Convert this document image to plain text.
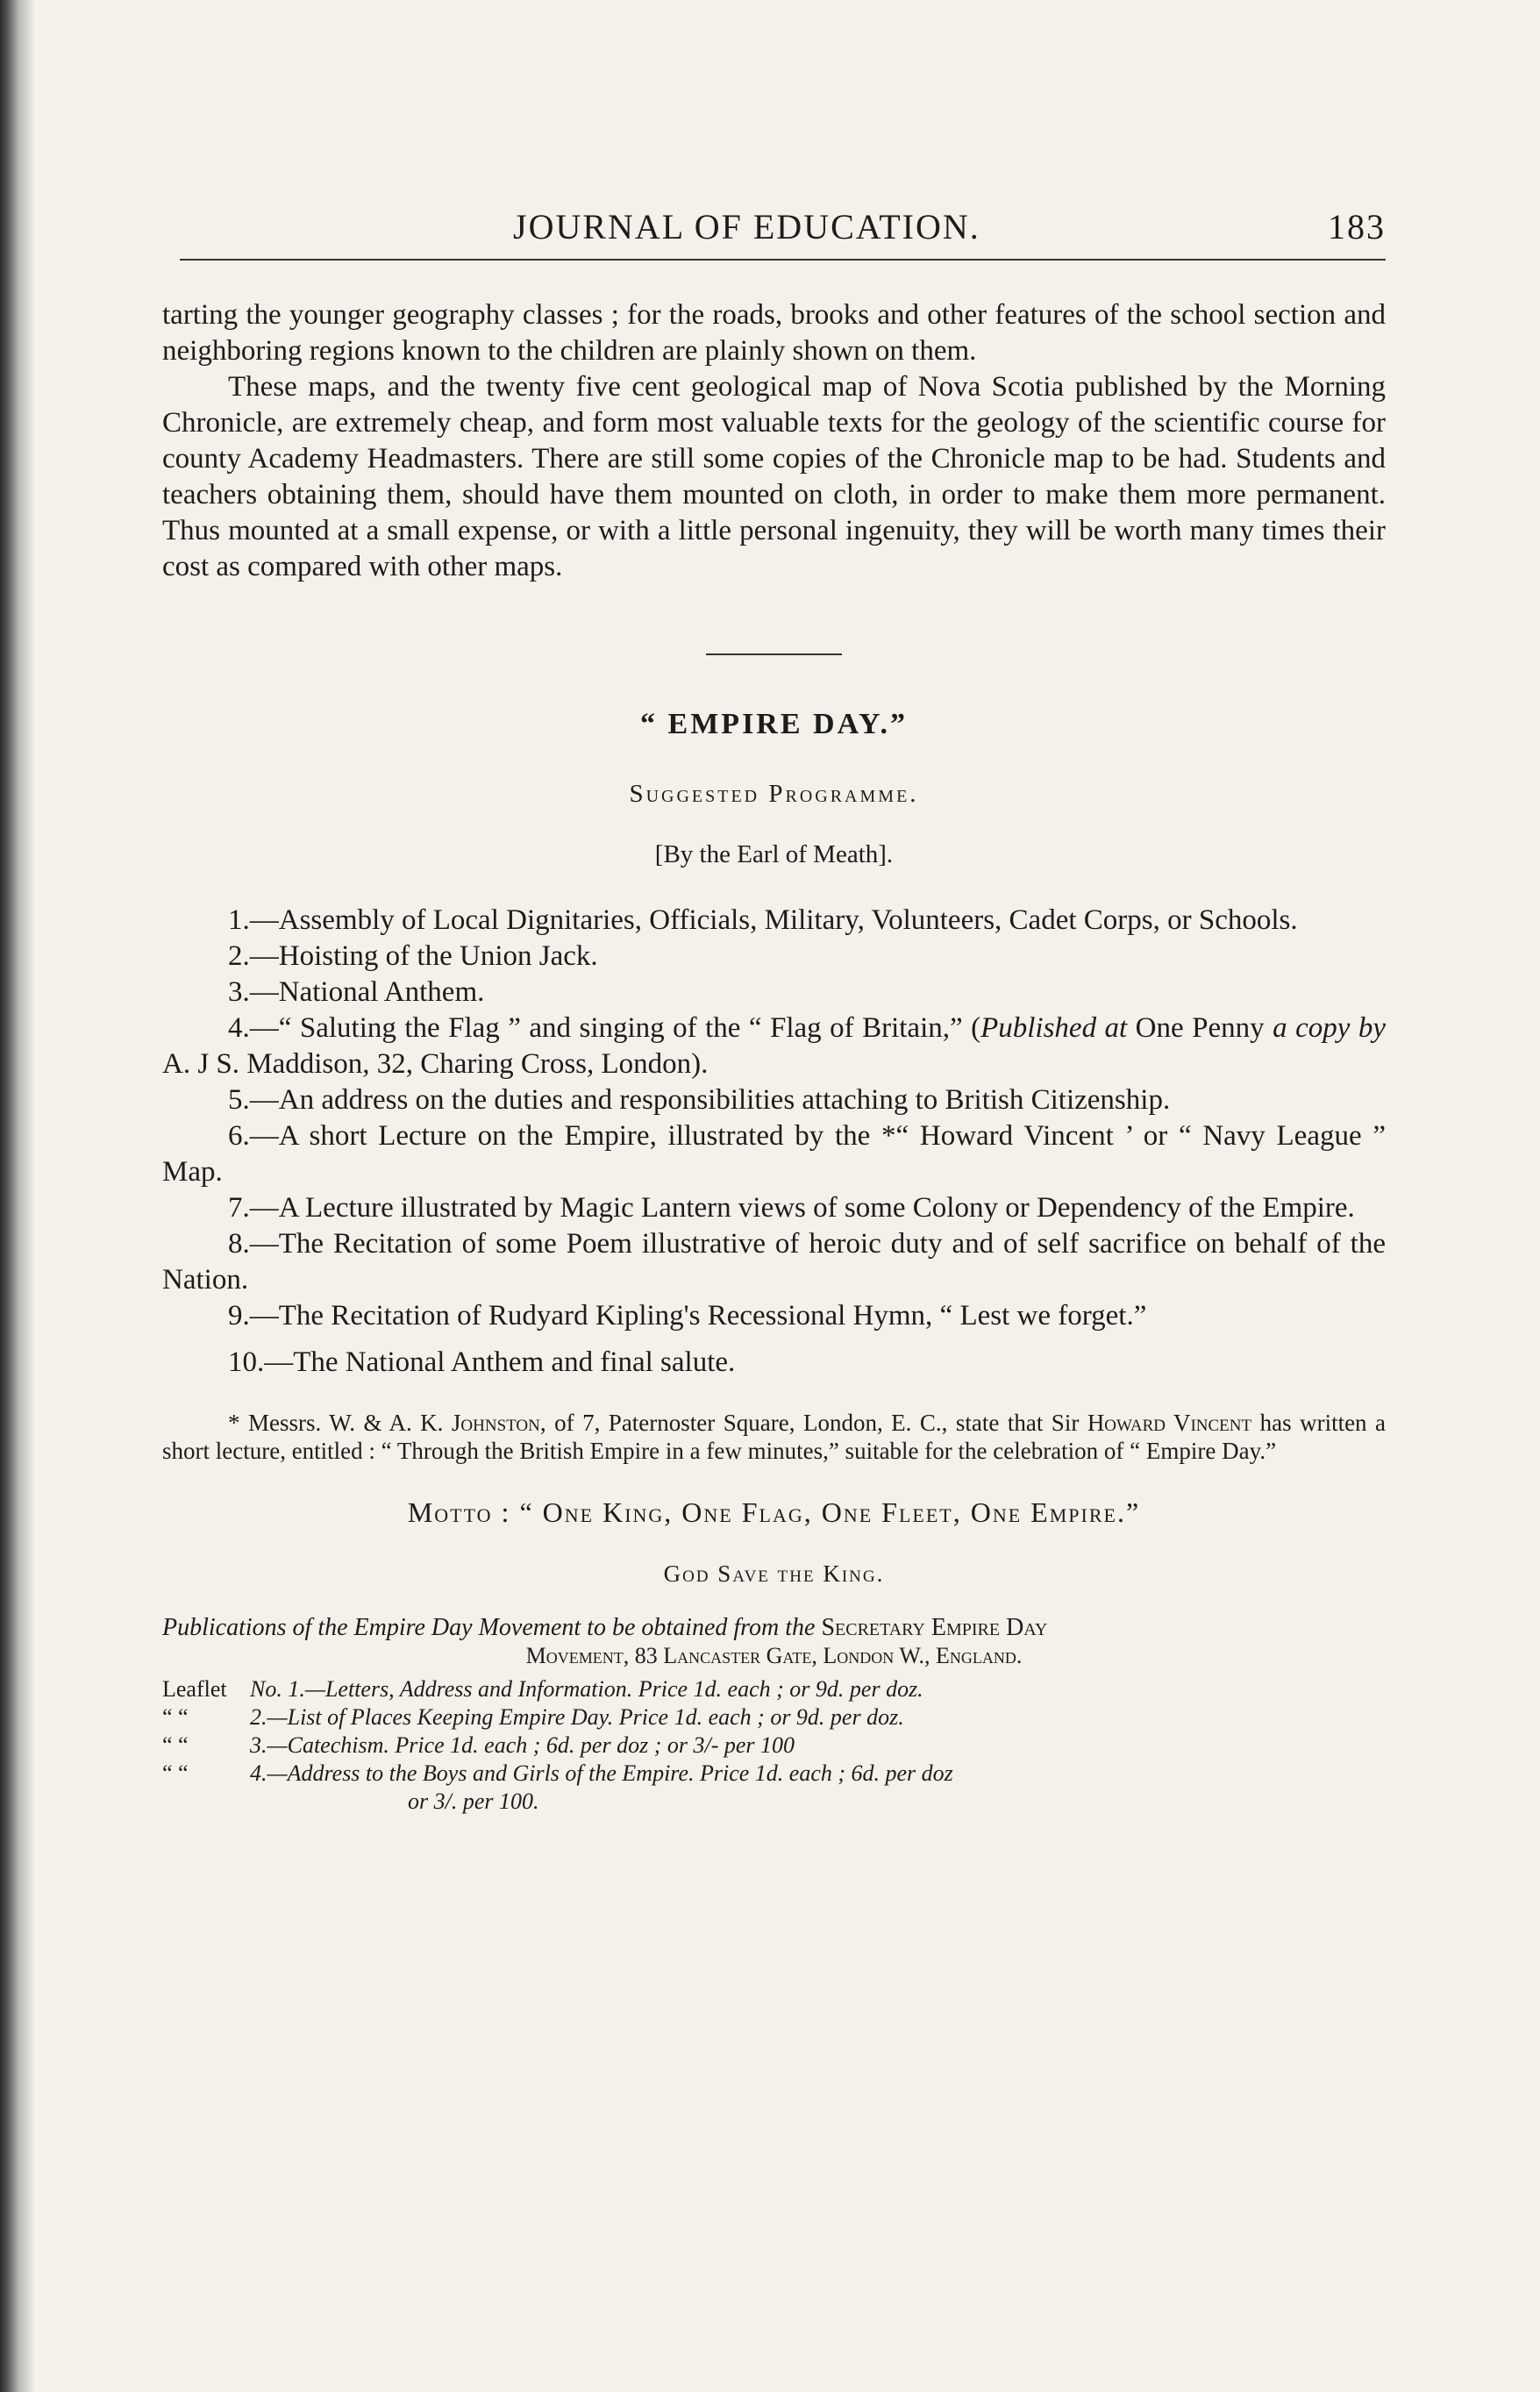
JOURNAL OF EDUCATION.	183

tarting the younger geography classes ; for the roads, brooks and other features of the school section and neighboring regions known to the children are plainly shown on them.

These maps, and the twenty five cent geological map of Nova Scotia published by the Morning Chronicle, are extremely cheap, and form most valuable texts for the geology of the scientific course for county Academy Headmasters. There are still some copies of the Chronicle map to be had. Students and teachers obtaining them, should have them mounted on cloth, in order to make them more permanent. Thus mounted at a small expense, or with a little personal ingenuity, they will be worth many times their cost as compared with other maps.

“ EMPIRE DAY.”
Suggested Programme.
[By the Earl of Meath].
1.—Assembly of Local Dignitaries, Officials, Military, Volunteers, Cadet Corps, or Schools.
2.—Hoisting of the Union Jack.
3.—National Anthem.
4.—“ Saluting the Flag ” and singing of the “ Flag of Britain,” (Published at One Penny a copy by A. J S. Maddison, 32, Charing Cross, London).
5.—An address on the duties and responsibilities attaching to British Citizenship.
6.—A short Lecture on the Empire, illustrated by the *“ Howard Vincent ’ or “ Navy League ” Map.
7.—A Lecture illustrated by Magic Lantern views of some Colony or Dependency of the Empire.
8.—The Recitation of some Poem illustrative of heroic duty and of self sacrifice on behalf of the Nation.
9.—The Recitation of Rudyard Kipling's Recessional Hymn, “ Lest we forget.”
10.—The National Anthem and final salute.
* Messrs. W. & A. K. Johnston, of 7, Paternoster Square, London, E. C., state that Sir Howard Vincent has written a short lecture, entitled : “ Through the British Empire in a few minutes,” suitable for the celebration of “ Empire Day.”
Motto : “ One King, One Flag, One Fleet, One Empire.”
God Save the King.
Publications of the Empire Day Movement to be obtained from the Secretary Empire Day
Movement, 83 Lancaster Gate, London W., England.
Leaflet	No. 1.—Letters, Address and Information. Price 1d. each ; or 9d. per doz.
“ “	2.—List of Places Keeping Empire Day. Price 1d. each ; or 9d. per doz.
“ “	3.—Catechism. Price 1d. each ; 6d. per doz ; or 3/- per 100
“ “	4.—Address to the Boys and Girls of the Empire. Price 1d. each ; 6d. per doz
or 3/. per 100.
